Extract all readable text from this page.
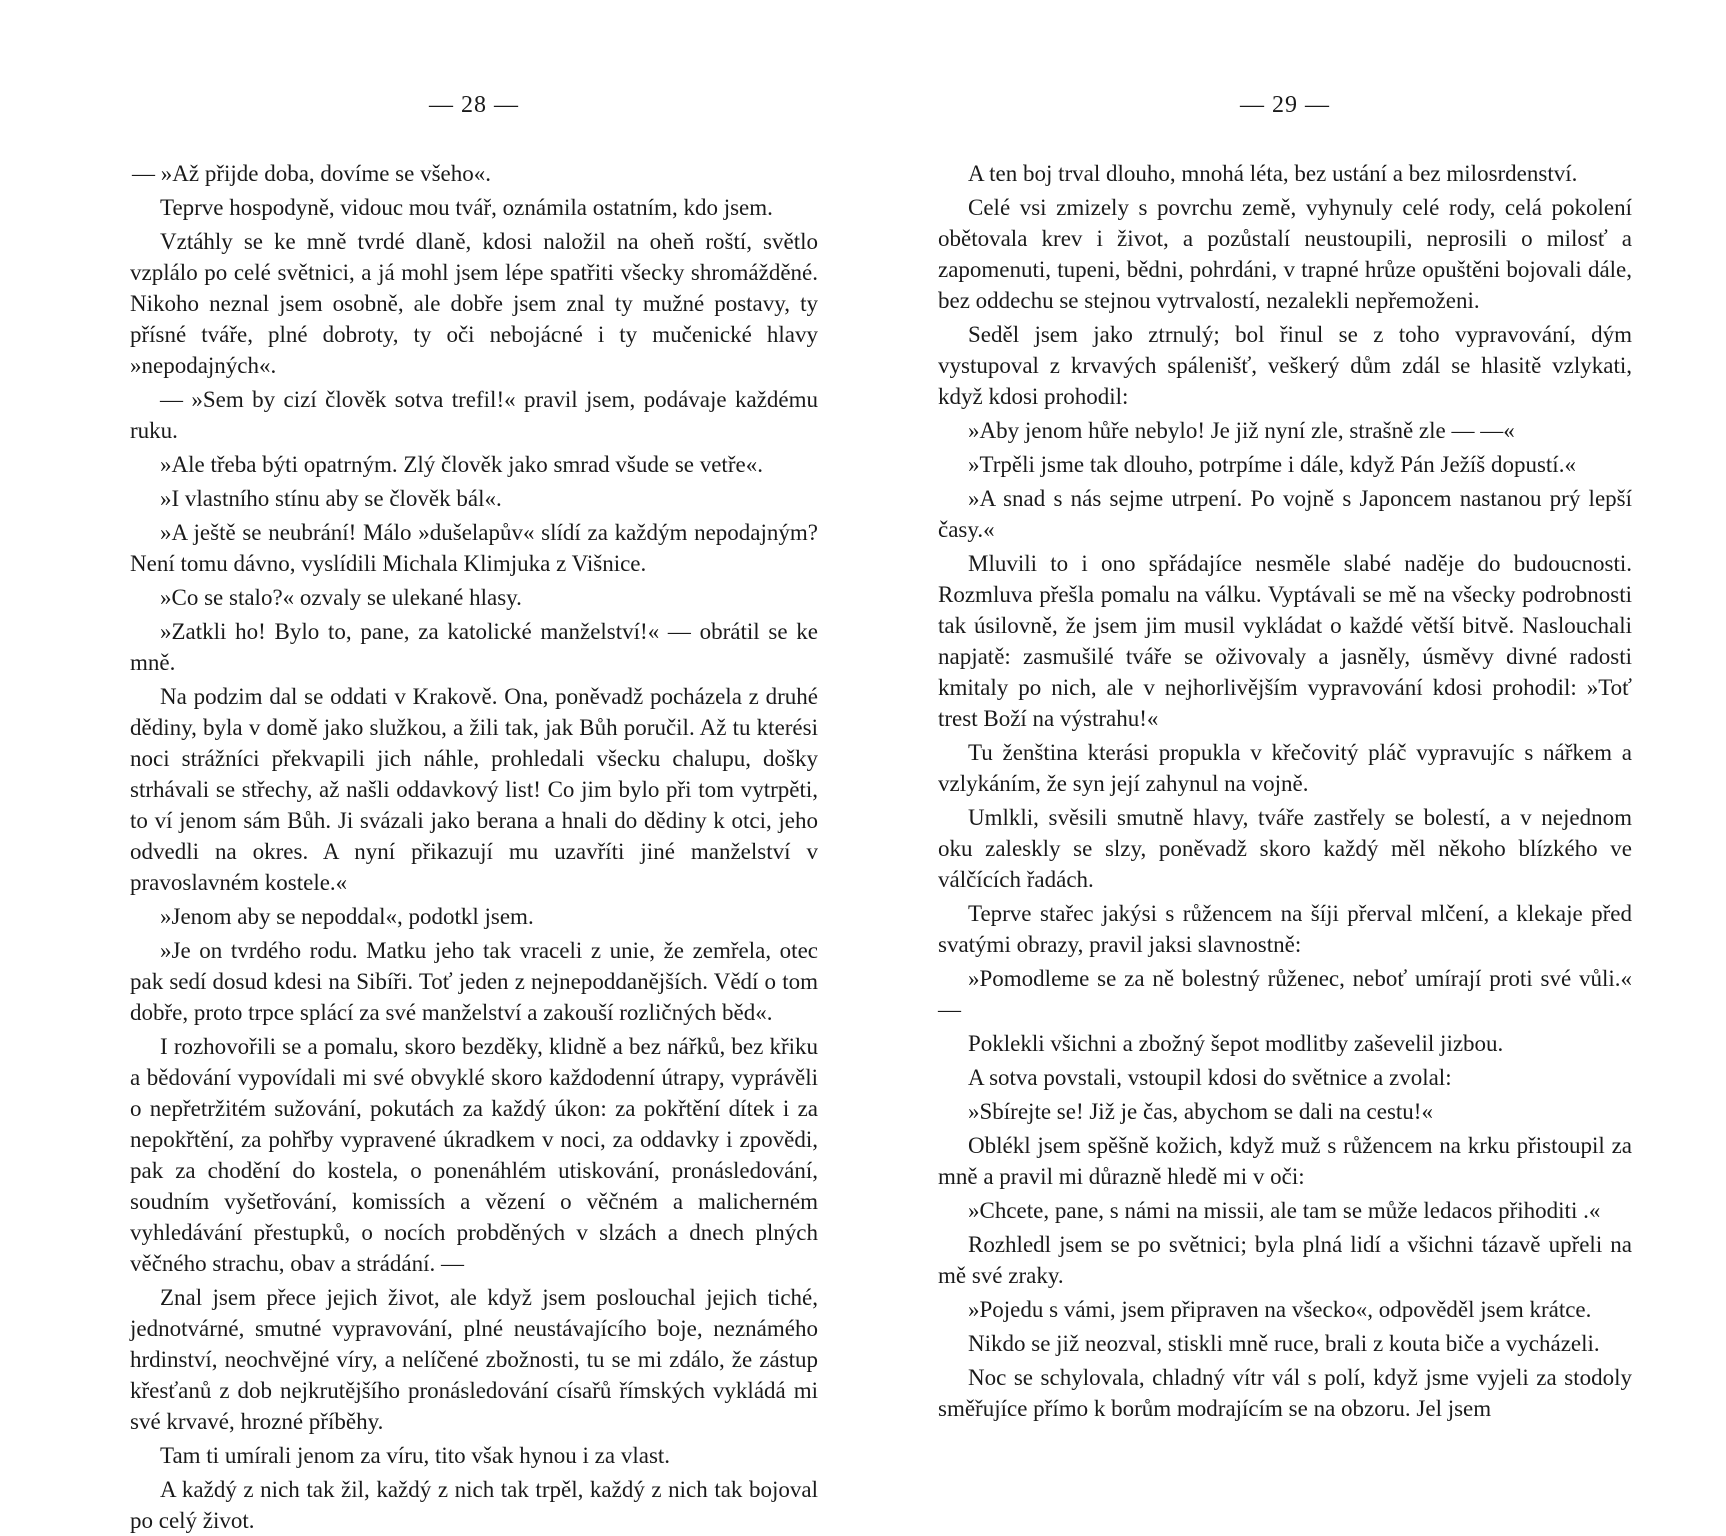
— 28 —

— »Až přijde doba, dovíme se všeho«.

Teprve hospodyně, vidouc mou tvář, oznámila ostatním, kdo jsem.

Vztáhly se ke mně tvrdé dlaně, kdosi naložil na oheň roští, světlo vzplálo po celé světnici, a já mohl jsem lépe spatřiti všecky shromážděné. Nikoho neznal jsem osobně, ale dobře jsem znal ty mužné postavy, ty přísné tváře, plné dobroty, ty oči nebojácné i ty mučenické hlavy »nepodajných«.

— »Sem by cizí člověk sotva trefil!« pravil jsem, podávaje každému ruku.

»Ale třeba býti opatrným. Zlý člověk jako smrad všude se vetře«.

»I vlastního stínu aby se člověk bál«.

»A ještě se neubrání! Málo »dušelapův« slídí za každým nepodajným? Není tomu dávno, vyslídili Michala Klimjuka z Višnice.

»Co se stalo?« ozvaly se ulekané hlasy.

»Zatkli ho! Bylo to, pane, za katolické manželství!« — obrátil se ke mně.

Na podzim dal se oddati v Krakově. Ona, poněvadž pocházela z druhé dědiny, byla v domě jako služkou, a žili tak, jak Bůh poručil. Až tu kterési noci strážníci překvapili jich náhle, prohledali všecku chalupu, došky strhávali se střechy, až našli oddavkový list! Co jim bylo při tom vytrpěti, to ví jenom sám Bůh. Ji svázali jako berana a hnali do dědiny k otci, jeho odvedli na okres. A nyní přikazují mu uzavříti jiné manželství v pravoslavném kostele.«

»Jenom aby se nepoddal«, podotkl jsem.

»Je on tvrdého rodu. Matku jeho tak vraceli z unie, že zemřela, otec pak sedí dosud kdesi na Sibíři. Toť jeden z nejnepoddanějších. Vědí o tom dobře, proto trpce splácí za své manželství a zakouší rozličných běd«.

I rozhovořili se a pomalu, skoro bezděky, klidně a bez nářků, bez křiku a bědování vypovídali mi své obvyklé skoro každodenní útrapy, vyprávěli o nepřetržitém sužování, pokutách za každý úkon: za pokřtění dítek i za nepokřtění, za pohřby vypravené úkradkem v noci, za oddavky i zpovědi, pak za chodění do kostela, o ponenáhlém utiskování, pronásledování, soudním vyšetřování, komissích a vězení o věčném a malicherném vyhledávání přestupků, o nocích probděných v slzách a dnech plných věčného strachu, obav a strádání. —

Znal jsem přece jejich život, ale když jsem poslouchal jejich tiché, jednotvárné, smutné vypravování, plné neustávajícího boje, neznámého hrdinství, neochvějné víry, a nelíčené zbožnosti, tu se mi zdálo, že zástup křesťanů z dob nejkrutějšího pronásledování císařů římských vykládá mi své krvavé, hrozné příběhy.

Tam ti umírali jenom za víru, tito však hynou i za vlast.

A každý z nich tak žil, každý z nich tak trpěl, každý z nich tak bojoval po celý život.

— 29 —

A ten boj trval dlouho, mnohá léta, bez ustání a bez milosrdenství.

Celé vsi zmizely s povrchu země, vyhynuly celé rody, celá pokolení obětovala krev i život, a pozůstalí neustoupili, neprosili o milosť a zapomenuti, tupeni, bědni, pohrdáni, v trapné hrůze opuštěni bojovali dále, bez oddechu se stejnou vytrvalostí, nezalekli nepřemoženi.

Seděl jsem jako ztrnulý; bol řinul se z toho vypravování, dým vystupoval z krvavých spálenišť, veškerý dům zdál se hlasitě vzlykati, když kdosi prohodil:

»Aby jenom hůře nebylo! Je již nyní zle, strašně zle — —«

»Trpěli jsme tak dlouho, potrpíme i dále, když Pán Ježíš dopustí.«

»A snad s nás sejme utrpení. Po vojně s Japoncem nastanou prý lepší časy.«

Mluvili to i ono spřádajíce nesměle slabé naděje do budoucnosti. Rozmluva přešla pomalu na válku. Vyptávali se mě na všecky podrobnosti tak úsilovně, že jsem jim musil vykládat o každé větší bitvě. Naslouchali napjatě: zasmušilé tváře se oživovaly a jasněly, úsměvy divné radosti kmitaly po nich, ale v nejhorlivějším vypravování kdosi prohodil: »Toť trest Boží na výstrahu!«

Tu ženština kterási propukla v křečovitý pláč vypravujíc s nářkem a vzlykáním, že syn její zahynul na vojně.

Umlkli, svěsili smutně hlavy, tváře zastřely se bolestí, a v nejednom oku zaleskly se slzy, poněvadž skoro každý měl někoho blízkého ve válčících řadách.

Teprve stařec jakýsi s růžencem na šíji přerval mlčení, a klekaje před svatými obrazy, pravil jaksi slavnostně:

»Pomodleme se za ně bolestný růženec, neboť umírají proti své vůli.« —

Poklekli všichni a zbožný šepot modlitby zaševelil jizbou.

A sotva povstali, vstoupil kdosi do světnice a zvolal:

»Sbírejte se! Již je čas, abychom se dali na cestu!«

Oblékl jsem spěšně kožich, když muž s růžencem na krku přistoupil za mně a pravil mi důrazně hledě mi v oči:

»Chcete, pane, s námi na missii, ale tam se může ledacos přihoditi .«

Rozhledl jsem se po světnici; byla plná lidí a všichni tázavě upřeli na mě své zraky.

»Pojedu s vámi, jsem připraven na všecko«, odpověděl jsem krátce.

Nikdo se již neozval, stiskli mně ruce, brali z kouta biče a vycházeli.

Noc se schylovala, chladný vítr vál s polí, když jsme vyjeli za stodoly směřujíce přímo k borům modrajícím se na obzoru. Jel jsem
